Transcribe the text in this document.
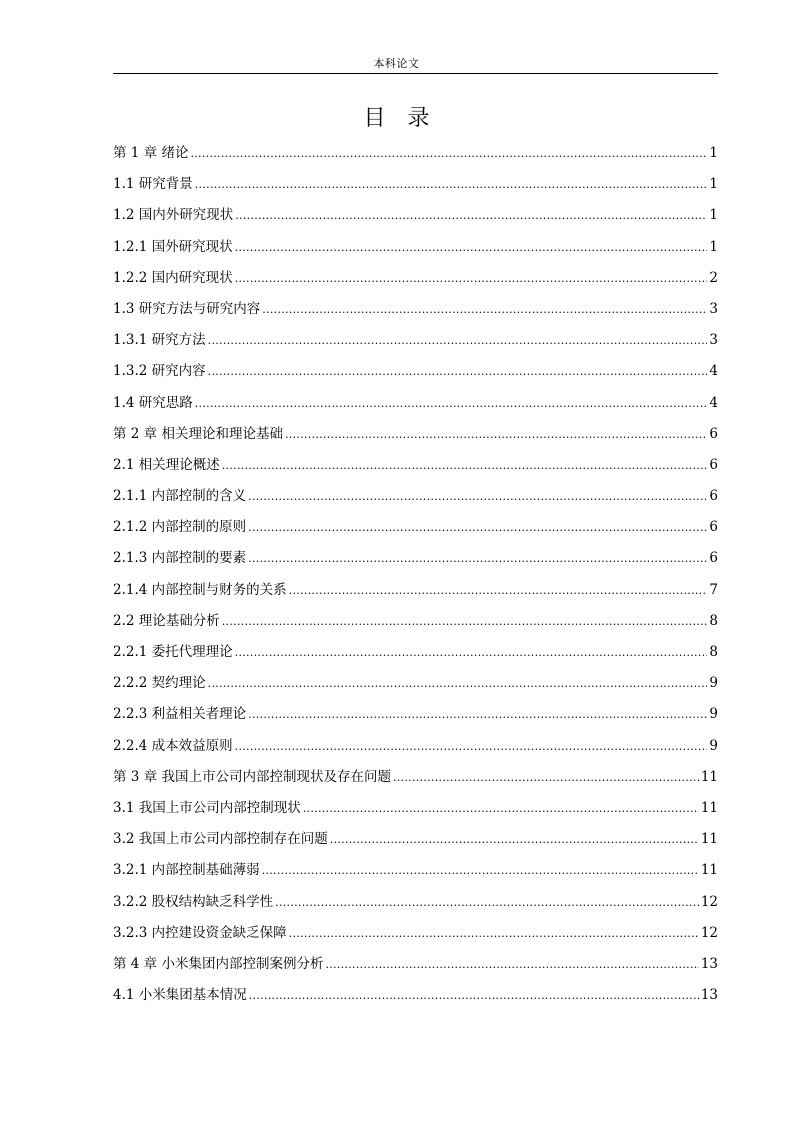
本科论文
目录
第 1 章 绪论 .....	1
1.1 研究背景 .....	1
1.2 国内外研究现状 .....	1
1.2.1 国外研究现状 .....	1
1.2.2 国内研究现状 .....	2
1.3 研究方法与研究内容 .....	3
1.3.1 研究方法 .....	3
1.3.2 研究内容 .....	4
1.4 研究思路 .....	4
第 2 章 相关理论和理论基础 .....	6
2.1 相关理论概述 .....	6
2.1.1 内部控制的含义 .....	6
2.1.2 内部控制的原则 .....	6
2.1.3 内部控制的要素 .....	6
2.1.4 内部控制与财务的关系 .....	7
2.2 理论基础分析 .....	8
2.2.1 委托代理理论 .....	8
2.2.2 契约理论 .....	9
2.2.3 利益相关者理论 .....	9
2.2.4 成本效益原则 .....	9
第 3 章 我国上市公司内部控制现状及存在问题 .....	11
3.1 我国上市公司内部控制现状 .....	11
3.2 我国上市公司内部控制存在问题 .....	11
3.2.1 内部控制基础薄弱 .....	11
3.2.2 股权结构缺乏科学性 .....	12
3.2.3 内控建设资金缺乏保障 .....	12
第 4 章 小米集团内部控制案例分析 .....	13
4.1 小米集团基本情况 .....	13
